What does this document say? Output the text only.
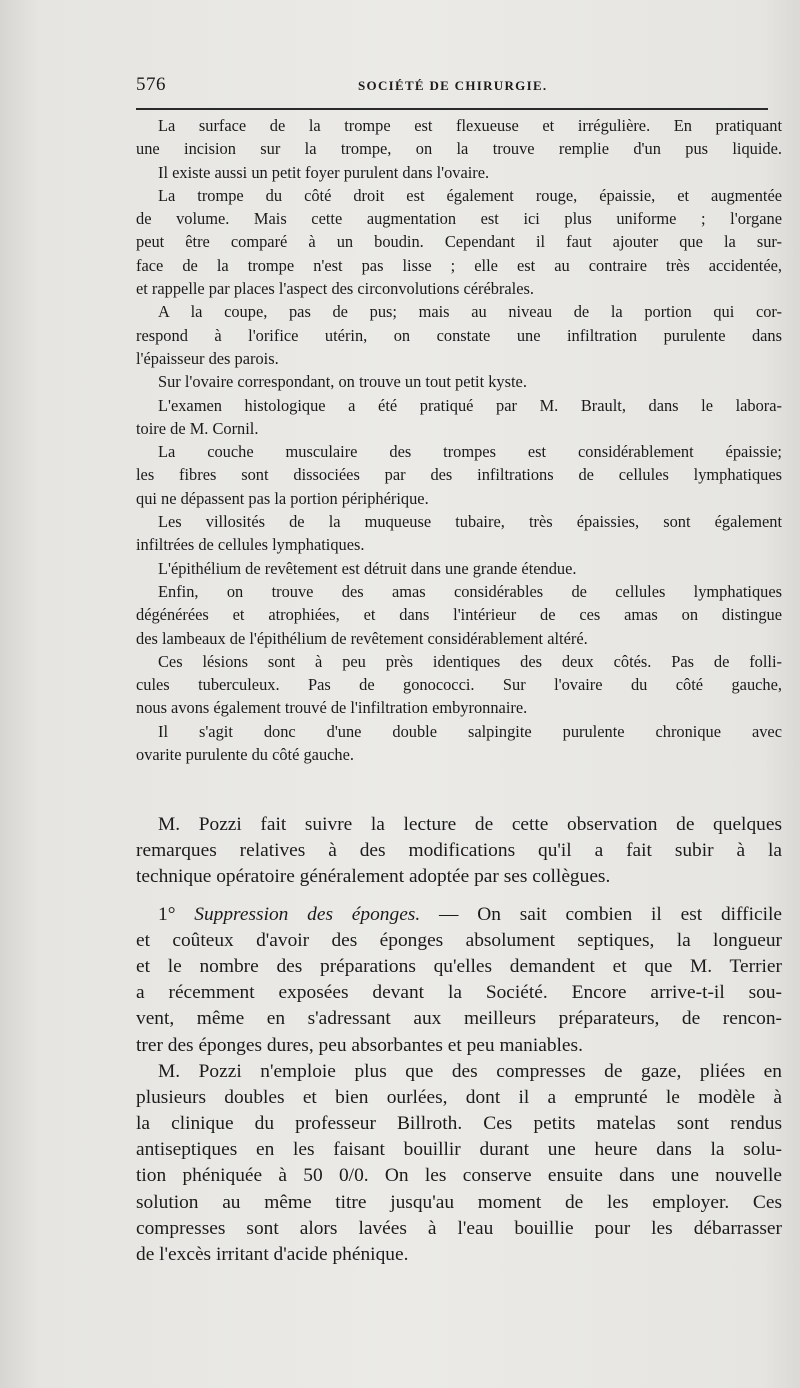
576	SOCIÉTÉ DE CHIRURGIE.
La surface de la trompe est flexueuse et irrégulière. En pratiquant
une incision sur la trompe, on la trouve remplie d'un pus liquide.
Il existe aussi un petit foyer purulent dans l'ovaire.
La trompe du côté droit est également rouge, épaissie, et augmentée
de volume. Mais cette augmentation est ici plus uniforme ; l'organe
peut être comparé à un boudin. Cependant il faut ajouter que la sur-
face de la trompe n'est pas lisse ; elle est au contraire très accidentée,
et rappelle par places l'aspect des circonvolutions cérébrales.
A la coupe, pas de pus; mais au niveau de la portion qui cor-
respond à l'orifice utérin, on constate une infiltration purulente dans
l'épaisseur des parois.
Sur l'ovaire correspondant, on trouve un tout petit kyste.
L'examen histologique a été pratiqué par M. Brault, dans le labora-
toire de M. Cornil.
La couche musculaire des trompes est considérablement épaissie;
les fibres sont dissociées par des infiltrations de cellules lymphatiques
qui ne dépassent pas la portion périphérique.
Les villosités de la muqueuse tubaire, très épaissies, sont également
infiltrées de cellules lymphatiques.
L'épithélium de revêtement est détruit dans une grande étendue.
Enfin, on trouve des amas considérables de cellules lymphatiques
dégénérées et atrophiées, et dans l'intérieur de ces amas on distingue
des lambeaux de l'épithélium de revêtement considérablement altéré.
Ces lésions sont à peu près identiques des deux côtés. Pas de folli-
cules tuberculeux. Pas de gonococci. Sur l'ovaire du côté gauche,
nous avons également trouvé de l'infiltration embyronnaire.
Il s'agit donc d'une double salpingite purulente chronique avec
ovarite purulente du côté gauche.
M. Pozzi fait suivre la lecture de cette observation de quelques
remarques relatives à des modifications qu'il a fait subir à la
technique opératoire généralement adoptée par ses collègues.
1° Suppression des éponges. — On sait combien il est difficile
et coûteux d'avoir des éponges absolument septiques, la longueur
et le nombre des préparations qu'elles demandent et que M. Terrier
a récemment exposées devant la Société. Encore arrive-t-il sou-
vent, même en s'adressant aux meilleurs préparateurs, de rencon-
trer des éponges dures, peu absorbantes et peu maniables.
M. Pozzi n'emploie plus que des compresses de gaze, pliées en
plusieurs doubles et bien ourlées, dont il a emprunté le modèle à
la clinique du professeur Billroth. Ces petits matelas sont rendus
antiseptiques en les faisant bouillir durant une heure dans la solu-
tion phéniquée à 50 0/0. On les conserve ensuite dans une nouvelle
solution au même titre jusqu'au moment de les employer. Ces
compresses sont alors lavées à l'eau bouillie pour les débarrasser
de l'excès irritant d'acide phénique.
